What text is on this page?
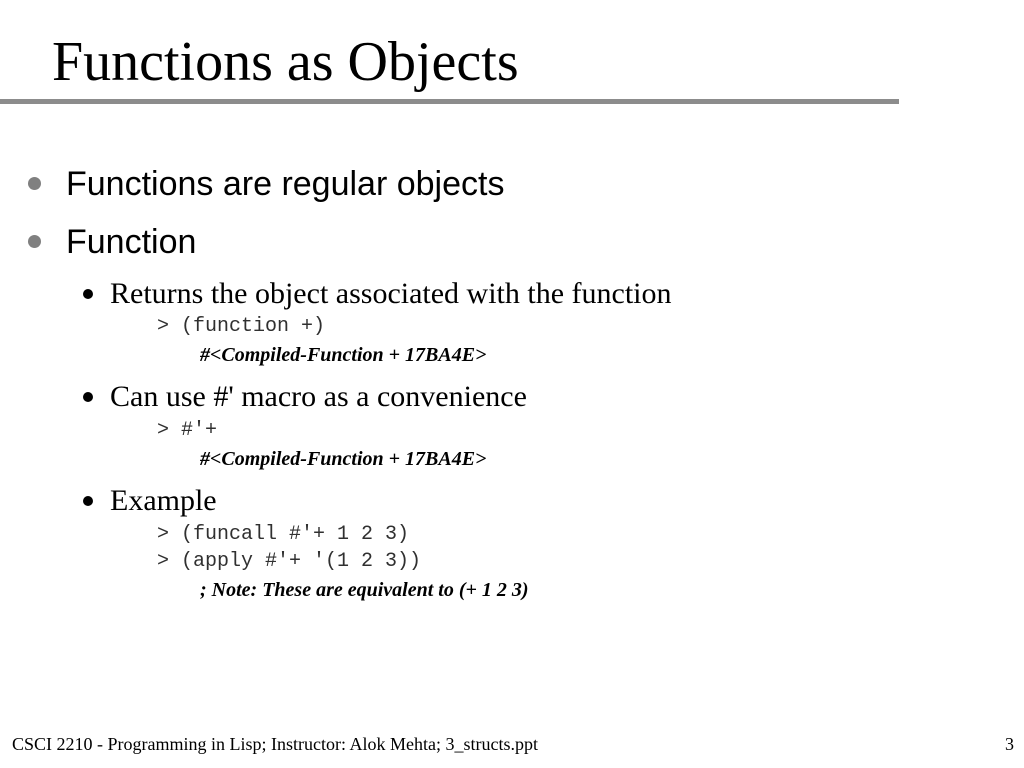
Functions as Objects
Functions are regular objects
Function
Returns the object associated with the function
> (function +)
#<Compiled-Function + 17BA4E>
Can use #' macro as a convenience
> #'+
#<Compiled-Function + 17BA4E>
Example
> (funcall #'+ 1 2 3)
> (apply #'+ '(1 2 3))
; Note: These are equivalent to (+ 1 2 3)
CSCI 2210 - Programming in Lisp; Instructor: Alok Mehta; 3_structs.ppt	3
